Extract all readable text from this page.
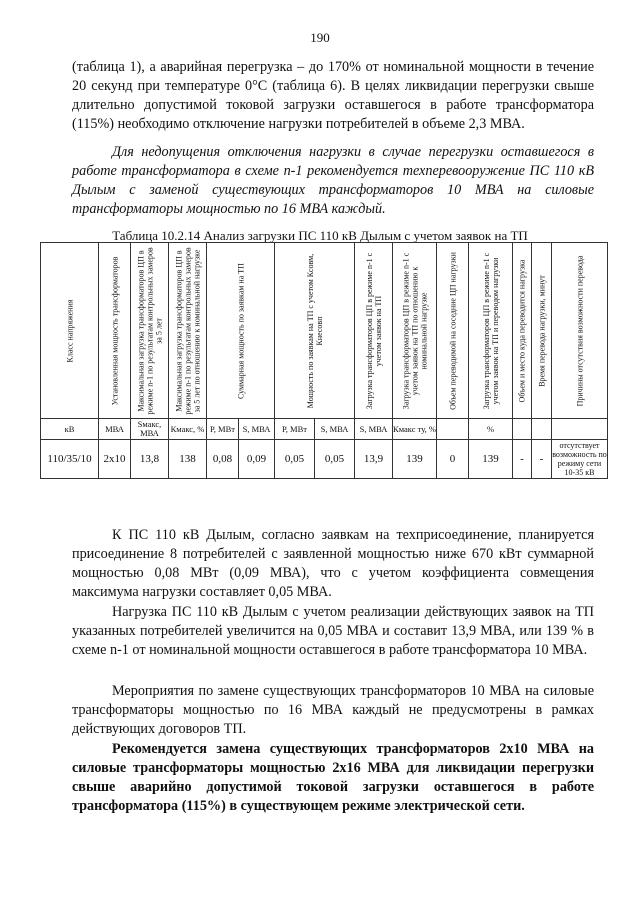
190

(таблица 1), а аварийная перегрузка – до 170% от номинальной мощности в течение 20 секунд при температуре 0°С (таблица 6). В целях ликвидации перегрузки свыше длительно допустимой токовой загрузки оставшегося в работе трансформатора (115%) необходимо отключение нагрузки потребителей в объеме 2,3 МВА.

Для недопущения отключения нагрузки в случае перегрузки оставшегося в работе трансформатора в схеме n-1 рекомендуется техперевооружение ПС 110 кВ Дылым с заменой существующих трансформаторов 10 МВА на силовые трансформаторы мощностью по 16 МВА каждый.

Таблица 10.2.14 Анализ загрузки ПС 110 кВ Дылым с учетом заявок на ТП
Класс напряжения	Установленная мощность трансформаторов	Максимальная загрузка трансформаторов ЦП в режиме n-1 по результатам контрольных замеров за 5 лет	Максимальная загрузка трансформаторов ЦП в режиме n-1 по результатам контрольных замеров за 5 лет по отношению к номинальной нагрузке	Суммарная мощность по заявкам на ТП		Мощность по заявкам на ТП с учетом Ксовм, Кнесовп		Загрузка трансформаторов ЦП в режиме n-1 с учетом заявок на ТП	Загрузка трансформаторов ЦП в режиме n-1 с учетом заявок на ТП по отношению к номинальной нагрузке	Объем переводимой на соседние ЦП нагрузки	Загрузка трансформаторов ЦП в режиме n-1 с учетом заявок на ТП и переводом нагрузки	Объем и место куда переводится нагрузка	Время перевода нагрузки, минут	Причины отсутствия возможности перевода

кВ	МВА	Sмакс, МВА	Кмакс, %	P, МВт	S, МВА	P, МВт	S, МВА	S, МВА	Кмакс ту, %		%			
110/35/10	2x10	13,8	138	0,08	0,09	0,05	0,05	13,9	139	0	139	-	-	отсутствует возможность по режиму сети 10-35 кВ

К ПС 110 кВ Дылым, согласно заявкам на техприсоединение, планируется присоединение 8 потребителей с заявленной мощностью ниже 670 кВт суммарной мощностью 0,08 МВт (0,09 МВА), что с учетом коэффициента совмещения максимума нагрузки составляет 0,05 МВА.

Нагрузка ПС 110 кВ Дылым с учетом реализации действующих заявок на ТП указанных потребителей увеличится на 0,05 МВА и составит 13,9 МВА, или 139 % в схеме n-1 от номинальной мощности оставшегося в работе трансформатора 10 МВА.

Мероприятия по замене существующих трансформаторов 10 МВА на силовые трансформаторы мощностью по 16 МВА каждый не предусмотрены в рамках действующих договоров ТП.

Рекомендуется замена существующих трансформаторов 2x10 МВА на силовые трансформаторы мощностью 2x16 МВА для ликвидации перегрузки свыше аварийно допустимой токовой загрузки оставшегося в работе трансформатора (115%) в существующем режиме электрической сети.
